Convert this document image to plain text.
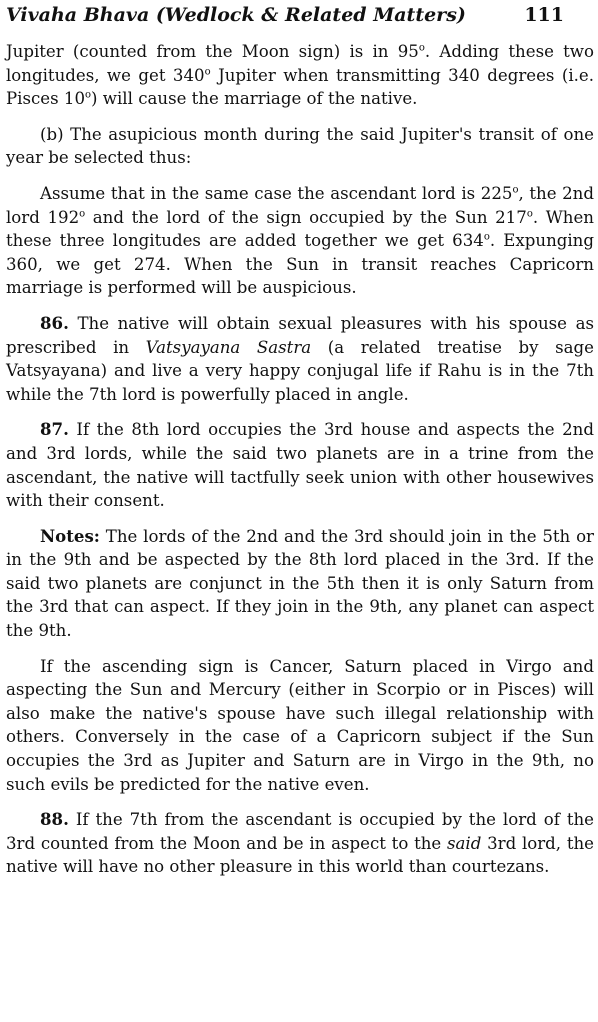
Vivaha Bhava (Wedlock & Related Matters)	111

Jupiter (counted from the Moon sign) is in 95$^o$. Adding these two longitudes, we get 340$^o$ Jupiter when transmitting 340 degrees (i.e. Pisces 10$^o$) will cause the marriage of the native.

(b) The asupicious month during the said Jupiter's transit of one year be selected thus:

Assume that in the same case the ascendant lord is 225$^o$, the 2nd lord 192$^o$ and the lord of the sign occupied by the Sun 217$^o$. When these three longitudes are added together we get 634$^o$. Expunging 360, we get 274. When the Sun in transit reaches Capricorn marriage is performed will be auspicious.

86. The native will obtain sexual pleasures with his spouse as prescribed in Vatsyayana Sastra (a related treatise by sage Vatsyayana) and live a very happy conjugal life if Rahu is in the 7th while the 7th lord is powerfully placed in angle.

87. If the 8th lord occupies the 3rd house and aspects the 2nd and 3rd lords, while the said two planets are in a trine from the ascendant, the native will tactfully seek union with other housewives with their consent.

Notes: The lords of the 2nd and the 3rd should join in the 5th or in the 9th and be aspected by the 8th lord placed in the 3rd. If the said two planets are conjunct in the 5th then it is only Saturn from the 3rd that can aspect. If they join in the 9th, any planet can aspect the 9th.

If the ascending sign is Cancer, Saturn placed in Virgo and aspecting the Sun and Mercury (either in Scorpio or in Pisces) will also make the native's spouse have such illegal relationship with others. Conversely in the case of a Capricorn subject if the Sun occupies the 3rd as Jupiter and Saturn are in Virgo in the 9th, no such evils be predicted for the native even.

88. If the 7th from the ascendant is occupied by the lord of the 3rd counted from the Moon and be in aspect to the said 3rd lord, the native will have no other pleasure in this world than courtezans.
